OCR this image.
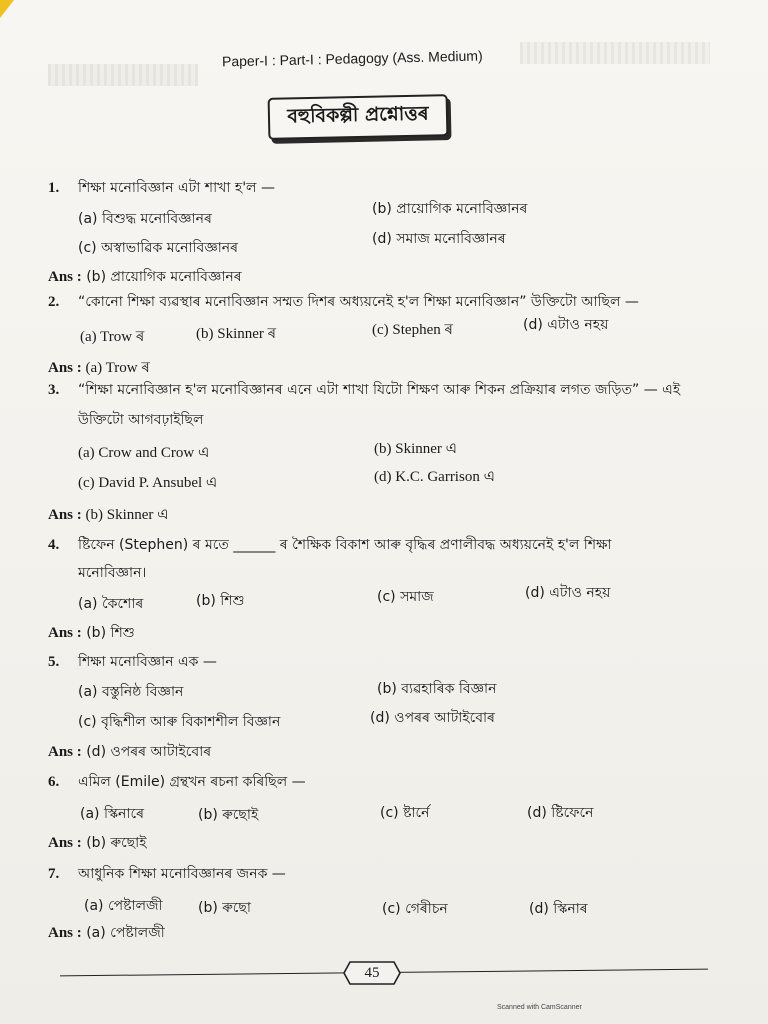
Paper-I : Part-I : Pedagogy (Ass. Medium)
বহুবিকল্পী প্ৰশ্নোত্তৰ
1. শিক্ষা মনোবিজ্ঞান এটা শাখা হ'ল —
(a) বিশুদ্ধ মনোবিজ্ঞানৰ
(b) প্ৰায়োগিক মনোবিজ্ঞানৰ
(c) অস্বাভাৱিক মনোবিজ্ঞানৰ
(d) সমাজ মনোবিজ্ঞানৰ
Ans : (b) প্ৰায়োগিক মনোবিজ্ঞানৰ
2. “কোনো শিক্ষা ব্যৱস্থাৰ মনোবিজ্ঞান সম্মত দিশৰ অধ্যয়নেই হ'ল শিক্ষা মনোবিজ্ঞান” উক্তিটো আছিল —
(a) Trow ৰ	(b) Skinner ৰ	(c) Stephen ৰ	(d) এটাও নহয়
Ans : (a) Trow ৰ
3. “শিক্ষা মনোবিজ্ঞান হ'ল মনোবিজ্ঞানৰ এনে এটা শাখা যিটো শিক্ষণ আৰু শিকন প্ৰক্ৰিয়াৰ লগত জড়িত” — এই
উক্তিটো আগবঢ়াইছিল
(a) Crow and Crow এ	(b) Skinner এ
(c) David P. Ansubel এ	(d) K.C. Garrison এ
Ans : (b) Skinner এ
4. ষ্টিফেন (Stephen) ৰ মতে ______ ৰ শৈক্ষিক বিকাশ আৰু বৃদ্ধিৰ প্ৰণালীবদ্ধ অধ্যয়নেই হ'ল শিক্ষা
মনোবিজ্ঞান।
(a) কৈশোৰ	(b) শিশু	(c) সমাজ	(d) এটাও নহয়
Ans : (b) শিশু
5. শিক্ষা মনোবিজ্ঞান এক —
(a) বস্তুনিষ্ঠ বিজ্ঞান	(b) ব্যৱহাৰিক বিজ্ঞান
(c) বৃদ্ধিশীল আৰু বিকাশশীল বিজ্ঞান	(d) ওপৰৰ আটাইবোৰ
Ans : (d) ওপৰৰ আটাইবোৰ
6. এমিল (Emile) গ্ৰন্থখন ৰচনা কৰিছিল —
(a) স্কিনাৰে	(b) ৰুছোই	(c) ষ্টাৰ্নে	(d) ষ্টিফেনে
Ans : (b) ৰুছোই
7. আধুনিক শিক্ষা মনোবিজ্ঞানৰ জনক —
(a) পেষ্টালজী	(b) ৰুছো	(c) গেৰীচন	(d) স্কিনাৰ
Ans : (a) পেষ্টালজী
45
Scanned with CamScanner
